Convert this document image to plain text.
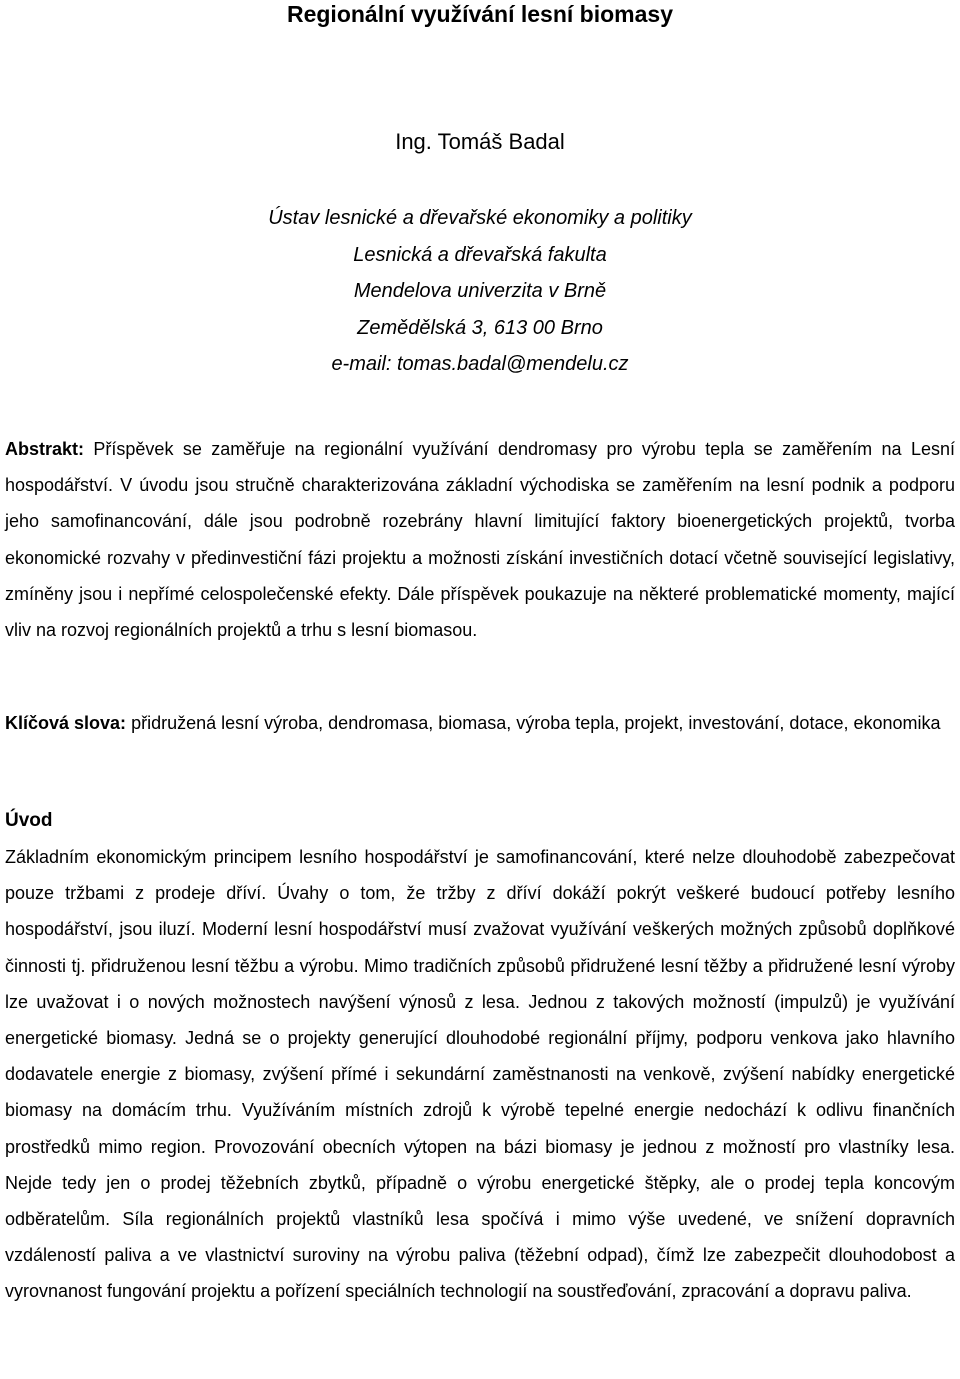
Regionální využívání lesní biomasy
Ing. Tomáš Badal
Ústav lesnické a dřevařské ekonomiky a politiky
Lesnická a dřevařská fakulta
Mendelova univerzita v Brně
Zemědělská 3, 613 00 Brno
e-mail: tomas.badal@mendelu.cz

Abstrakt: Příspěvek se zaměřuje na regionální využívání dendromasy pro výrobu tepla se zaměřením na Lesní hospodářství. V úvodu jsou stručně charakterizována základní východiska se zaměřením na lesní podnik a podporu jeho samofinancování, dále jsou podrobně rozebrány hlavní limitující faktory bioenergetických projektů, tvorba ekonomické rozvahy v předinvestiční fázi projektu a možnosti získání investičních dotací včetně související legislativy, zmíněny jsou i nepřímé celospolečenské efekty. Dále příspěvek poukazuje na některé problematické momenty, mající vliv na rozvoj regionálních projektů a trhu s lesní biomasou.

Klíčová slova: přidružená lesní výroba, dendromasa, biomasa, výroba tepla, projekt, investování, dotace, ekonomika

Úvod

Základním ekonomickým principem lesního hospodářství je samofinancování, které nelze dlouhodobě zabezpečovat pouze tržbami z prodeje dříví. Úvahy o tom, že tržby z dříví dokáží pokrýt veškeré budoucí potřeby lesního hospodářství, jsou iluzí. Moderní lesní hospodářství musí zvažovat využívání veškerých možných způsobů doplňkové činnosti tj. přidruženou lesní těžbu a výrobu. Mimo tradičních způsobů přidružené lesní těžby a přidružené lesní výroby lze uvažovat i o nových možnostech navýšení výnosů z lesa. Jednou z takových možností (impulzů) je využívání energetické biomasy. Jedná se o projekty generující dlouhodobé regionální příjmy, podporu venkova jako hlavního dodavatele energie z biomasy, zvýšení přímé i sekundární zaměstnanosti na venkově, zvýšení nabídky energetické biomasy na domácím trhu. Využíváním místních zdrojů k výrobě tepelné energie nedochází k odlivu finančních prostředků mimo region. Provozování obecních výtopen na bázi biomasy je jednou z možností pro vlastníky lesa. Nejde tedy jen o prodej těžebních zbytků, případně o výrobu energetické štěpky, ale o prodej tepla koncovým odběratelům. Síla regionálních projektů vlastníků lesa spočívá i mimo výše uvedené, ve snížení dopravních vzdáleností paliva a ve vlastnictví suroviny na výrobu paliva (těžební odpad), čímž lze zabezpečit dlouhodobost a vyrovnanost fungování projektu a pořízení speciálních technologií na soustřeďování, zpracování a dopravu paliva.
